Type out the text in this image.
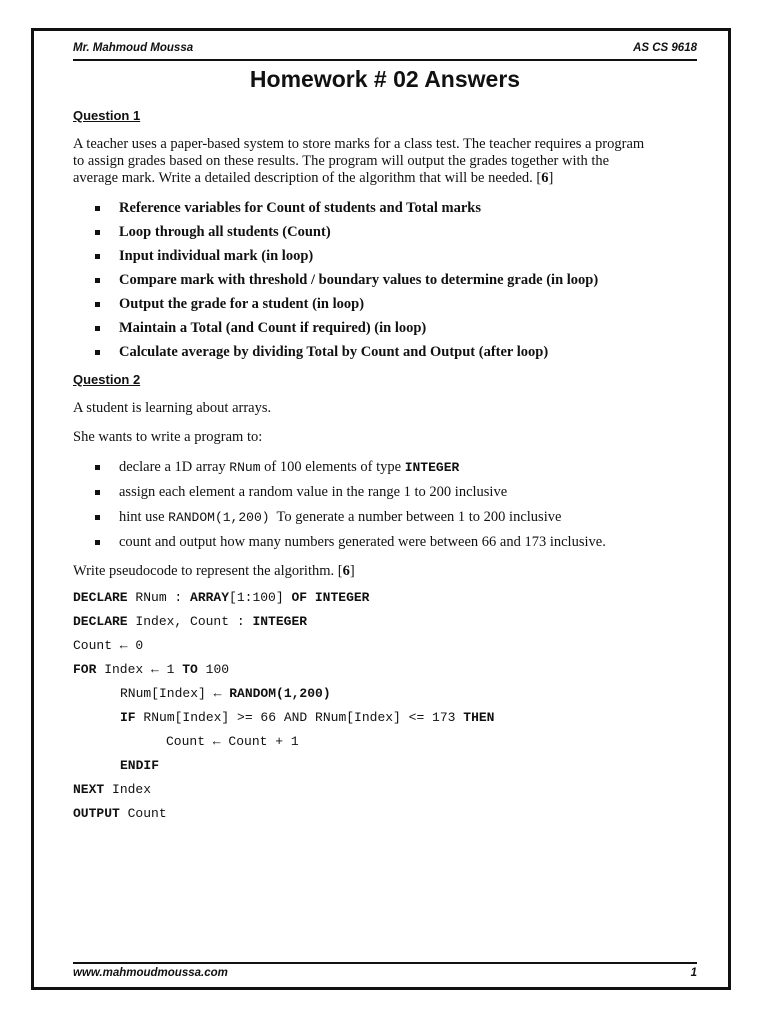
Mr. Mahmoud Moussa	AS CS 9618
Homework # 02 Answers
Question 1
A teacher uses a paper-based system to store marks for a class test. The teacher requires a program
to assign grades based on these results. The program will output the grades together with the
average mark. Write a detailed description of the algorithm that will be needed. [6]
Reference variables for Count of students and Total marks
Loop through all students (Count)
Input individual mark (in loop)
Compare mark with threshold / boundary values to determine grade (in loop)
Output the grade for a student (in loop)
Maintain a Total (and Count if required) (in loop)
Calculate average by dividing Total by Count and Output (after loop)
Question 2
A student is learning about arrays.
She wants to write a program to:
declare a 1D array RNum of 100 elements of type INTEGER
assign each element a random value in the range 1 to 200 inclusive
hint use RANDOM(1,200)  To generate a number between 1 to 200 inclusive
count and output how many numbers generated were between 66 and 173 inclusive.
Write pseudocode to represent the algorithm. [6]
DECLARE RNum : ARRAY[1:100] OF INTEGER
DECLARE Index, Count : INTEGER
Count ← 0
FOR Index ← 1 TO 100
RNum[Index] ← RANDOM(1,200)
IF RNum[Index] >= 66 AND RNum[Index] <= 173 THEN
Count ← Count + 1
ENDIF
NEXT Index
OUTPUT Count
www.mahmoudmoussa.com	1
